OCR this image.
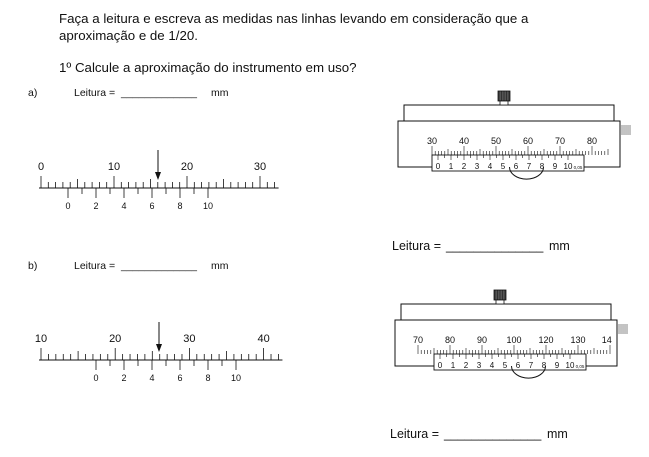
Faça a leitura e escreva as medidas nas linhas levando em consideração que a
aproximação e de 1/20.
1º Calcule a aproximação do instrumento em uso?
a)	Leitura = _____________ mm
b)	Leitura = _____________ mm
Leitura = ______________ mm
Leitura = ______________ mm
0	10	20	30
0	2	4	6	8 10
10	20	30	40
0	2	4	6	8 10
30 40 50 60 70 80
0 1 2 3 4 5 6 7 8 9 10 0,05
70 80 90 100 120 130 14
0 1 2 3 4 5 6 7 8 9 10 0,05
